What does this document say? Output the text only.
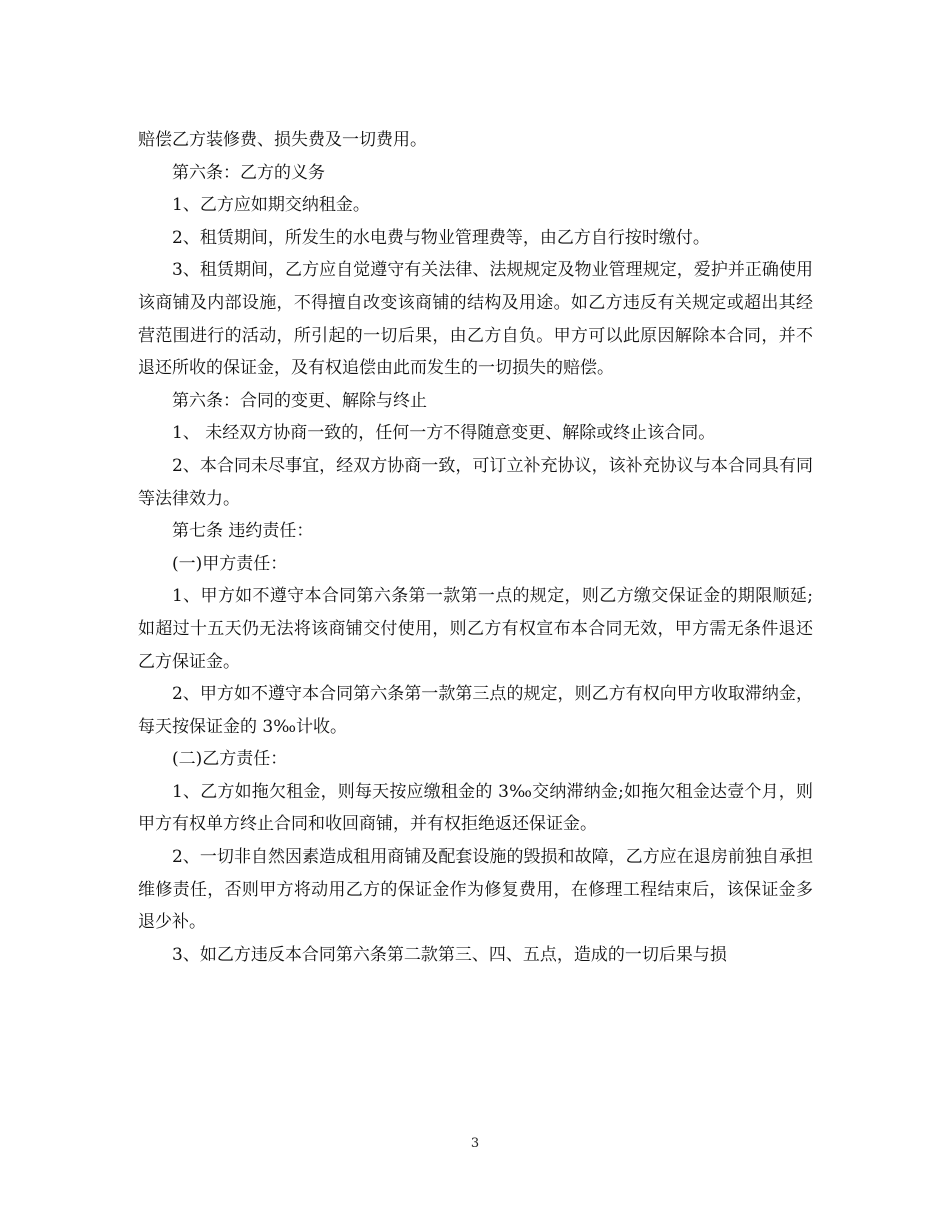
赔偿乙方装修费、损失费及一切费用。

第六条：乙方的义务

1、乙方应如期交纳租金。

2、租赁期间，所发生的水电费与物业管理费等，由乙方自行按时缴付。

3、租赁期间，乙方应自觉遵守有关法律、法规规定及物业管理规定，爱护并正确使用该商铺及内部设施，不得擅自改变该商铺的结构及用途。如乙方违反有关规定或超出其经营范围进行的活动，所引起的一切后果，由乙方自负。甲方可以此原因解除本合同，并不退还所收的保证金，及有权追偿由此而发生的一切损失的赔偿。

第六条：合同的变更、解除与终止

1、 未经双方协商一致的，任何一方不得随意变更、解除或终止该合同。

2、本合同未尽事宜，经双方协商一致，可订立补充协议，该补充协议与本合同具有同等法律效力。

第七条 违约责任：

(一)甲方责任：

1、甲方如不遵守本合同第六条第一款第一点的规定，则乙方缴交保证金的期限顺延;如超过十五天仍无法将该商铺交付使用，则乙方有权宣布本合同无效，甲方需无条件退还乙方保证金。

2、甲方如不遵守本合同第六条第一款第三点的规定，则乙方有权向甲方收取滞纳金，每天按保证金的 3‰计收。

(二)乙方责任：

1、乙方如拖欠租金，则每天按应缴租金的 3‰交纳滞纳金;如拖欠租金达壹个月，则甲方有权单方终止合同和收回商铺，并有权拒绝返还保证金。

2、一切非自然因素造成租用商铺及配套设施的毁损和故障，乙方应在退房前独自承担维修责任，否则甲方将动用乙方的保证金作为修复费用，在修理工程结束后，该保证金多退少补。

3、如乙方违反本合同第六条第二款第三、四、五点，造成的一切后果与损

3
